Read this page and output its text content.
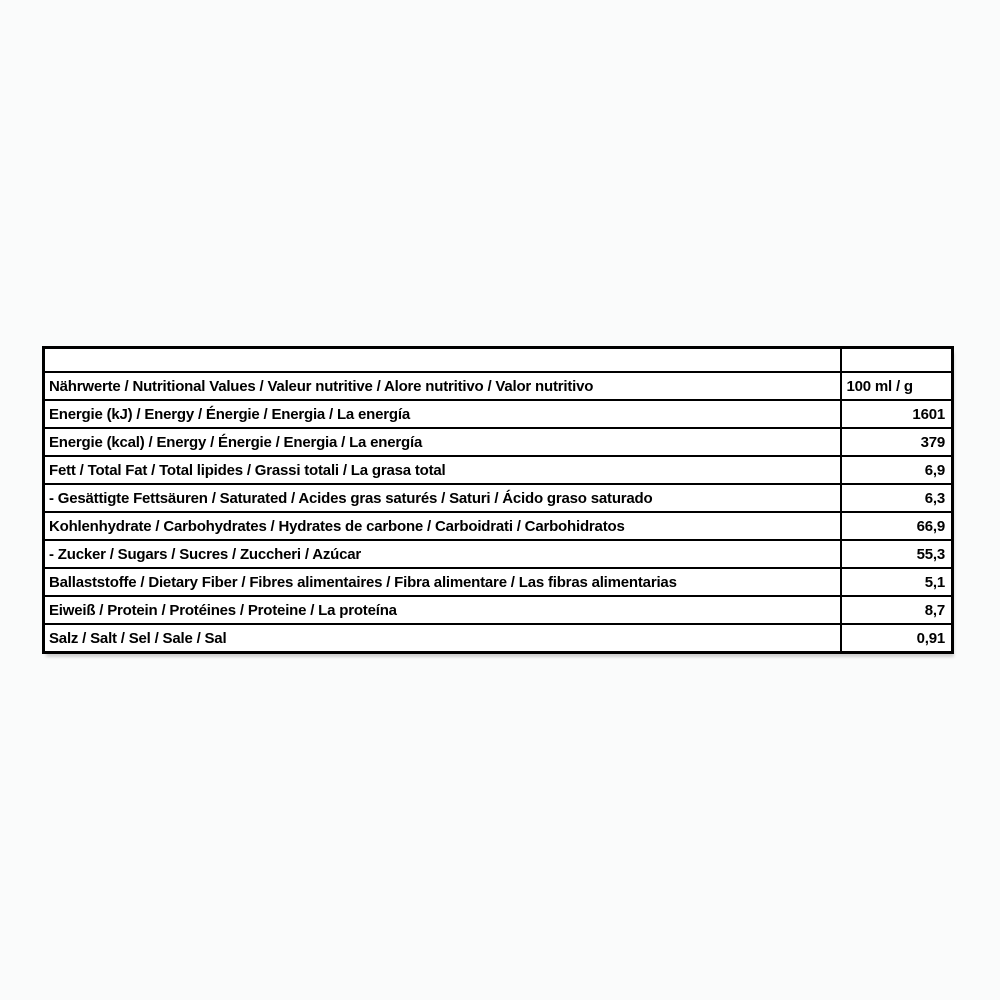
Nährwerte / Nutritional Values / Valeur nutritive / Alore nutritivo / Valor nutritivo	100 ml / g
Energie (kJ) / Energy / Énergie / Energia / La energía	1601
Energie (kcal) / Energy / Énergie / Energia / La energía	379
Fett / Total Fat / Total lipides / Grassi totali / La grasa total	6,9
- Gesättigte Fettsäuren / Saturated / Acides gras saturés / Saturi / Ácido graso saturado	6,3
Kohlenhydrate / Carbohydrates / Hydrates de carbone / Carboidrati / Carbohidratos	66,9
- Zucker / Sugars / Sucres / Zuccheri / Azúcar	55,3
Ballaststoffe / Dietary Fiber / Fibres alimentaires / Fibra alimentare / Las fibras alimentarias	5,1
Eiweiß / Protein / Protéines / Proteine / La proteína	8,7
Salz / Salt / Sel / Sale / Sal	0,91
